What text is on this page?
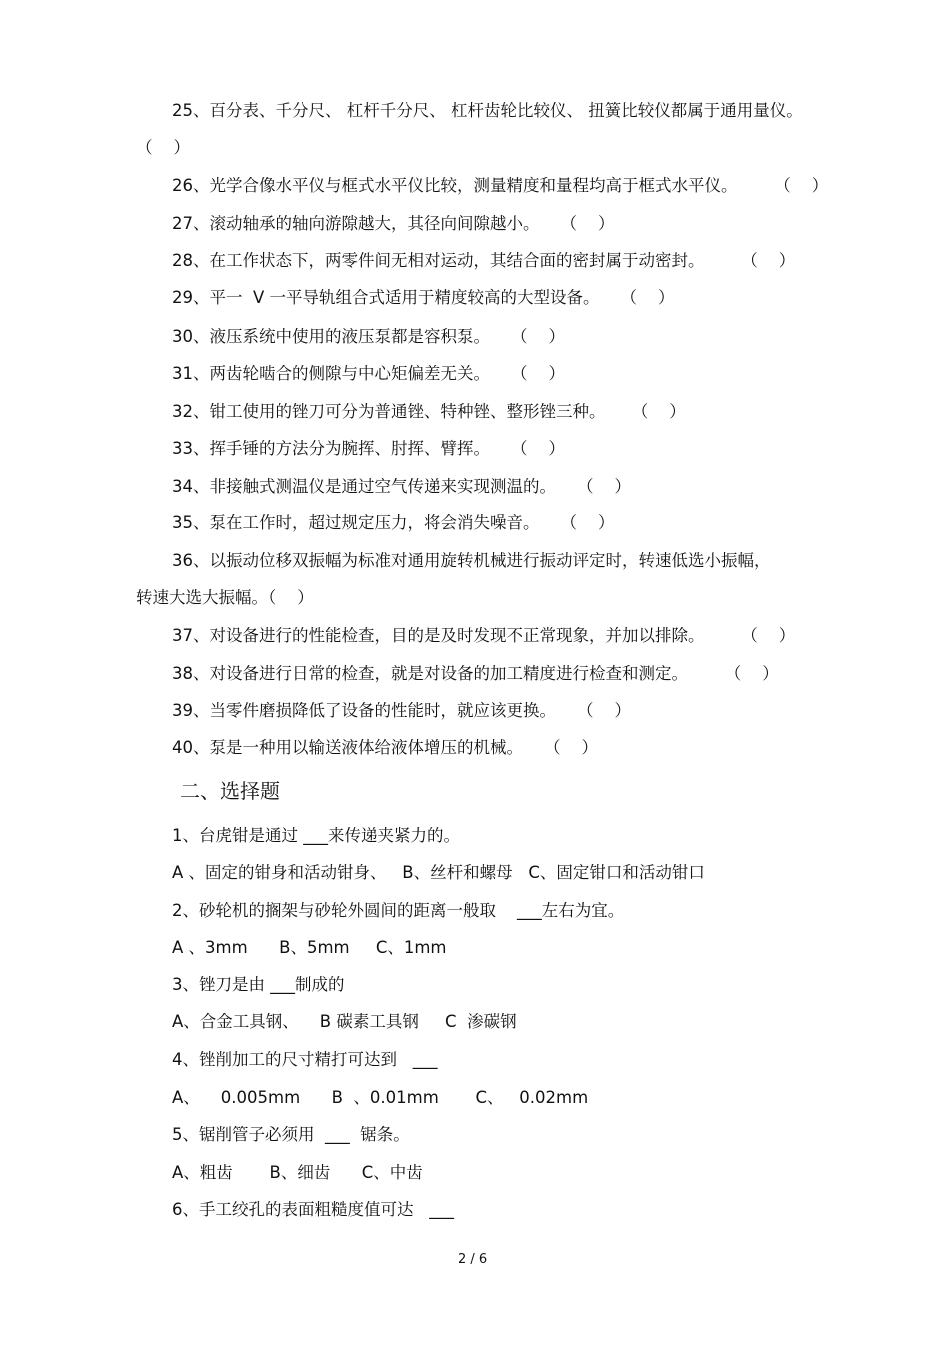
25、百分表、千分尺、 杠杆千分尺、 杠杆齿轮比较仪、 扭簧比较仪都属于通用量仪。
（    ）
26、光学合像水平仪与框式水平仪比较，测量精度和量程均高于框式水平仪。       （    ）
27、滚动轴承的轴向游隙越大，其径向间隙越小。    （    ）
28、在工作状态下，两零件间无相对运动，其结合面的密封属于动密封。       （    ）
29、平一  V 一平导轨组合式适用于精度较高的大型设备。    （    ）
30、液压系统中使用的液压泵都是容积泵。    （    ）
31、两齿轮啮合的侧隙与中心矩偏差无关。    （    ）
32、钳工使用的锉刀可分为普通锉、特种锉、整形锉三种。     （    ）
33、挥手锤的方法分为腕挥、肘挥、臂挥。    （    ）
34、非接触式测温仪是通过空气传递来实现测温的。    （    ）
35、泵在工作时，超过规定压力，将会消失噪音。    （    ）
36、以振动位移双振幅为标准对通用旋转机械进行振动评定时，转速低选小振幅，
转速大选大振幅。（    ）
37、对设备进行的性能检查，目的是及时发现不正常现象，并加以排除。       （    ）
38、对设备进行日常的检查，就是对设备的加工精度进行检查和测定。       （    ）
39、当零件磨损降低了设备的性能时，就应该更换。    （    ）
40、泵是一种用以输送液体给液体增压的机械。    （    ）
二、选择题
1、台虎钳是通过 ___来传递夹紧力的。
A 、固定的钳身和活动钳身、   B、丝杆和螺母   C、固定钳口和活动钳口
2、砂轮机的搁架与砂轮外圆间的距离一般取    ___左右为宜。
A 、3mm      B、5mm     C、1mm
3、锉刀是由 ___制成的
A、合金工具钢、    B 碳素工具钢     C  渗碳钢
4、锉削加工的尺寸精打可达到   ___
A、    0.005mm      B  、0.01mm       C、   0.02mm
5、锯削管子必须用  ___  锯条。
A、粗齿       B、细齿      C、中齿
6、手工绞孔的表面粗糙度值可达   ___
2 / 6
